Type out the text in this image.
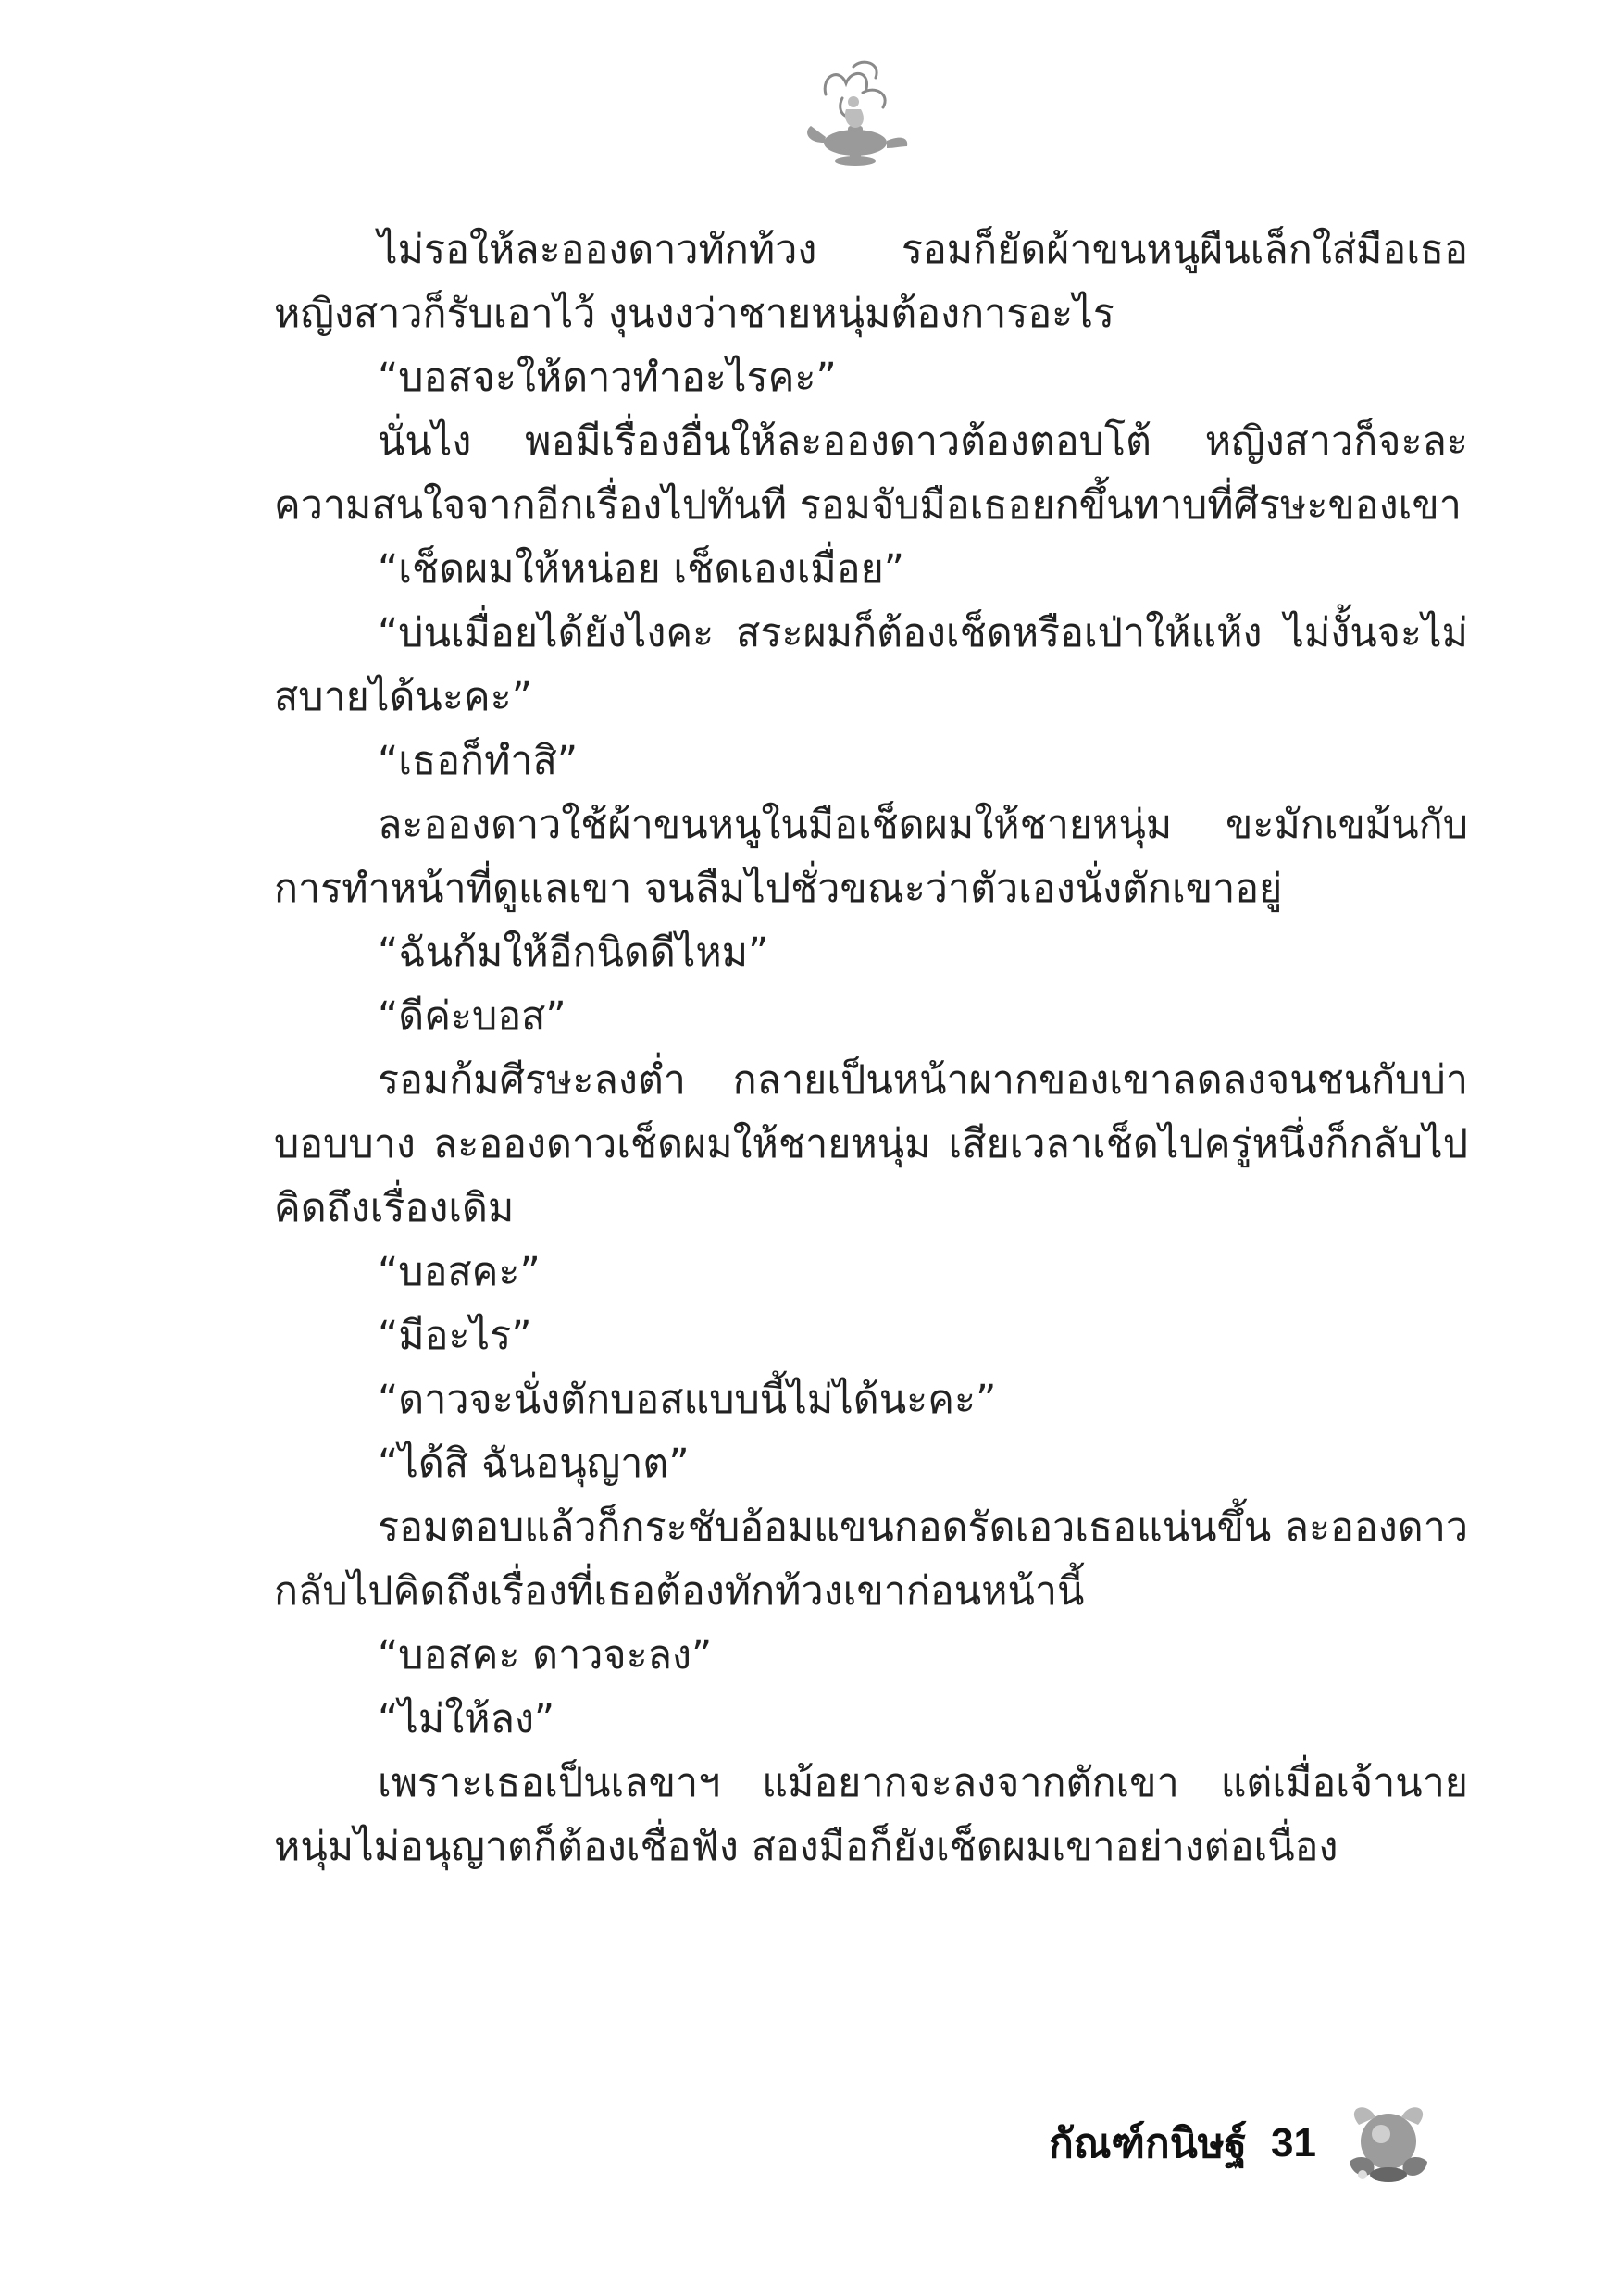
ไม่รอให้ละอองดาวทักท้วง รอมก็ยัดผ้าขนหนูผืนเล็กใส่มือเธอ หญิงสาวก็รับเอาไว้ งุนงงว่าชายหนุ่มต้องการอะไร

“บอสจะให้ดาวทำอะไรคะ”

นั่นไง พอมีเรื่องอื่นให้ละอองดาวต้องตอบโต้ หญิงสาวก็จะละความสนใจจากอีกเรื่องไปทันที รอมจับมือเธอยกขึ้นทาบที่ศีรษะของเขา

“เช็ดผมให้หน่อย เช็ดเองเมื่อย”

“บ่นเมื่อยได้ยังไงคะ สระผมก็ต้องเช็ดหรือเป่าให้แห้ง ไม่งั้นจะไม่สบายได้นะคะ”

“เธอก็ทำสิ”

ละอองดาวใช้ผ้าขนหนูในมือเช็ดผมให้ชายหนุ่ม ขะมักเขม้นกับการทำหน้าที่ดูแลเขา จนลืมไปชั่วขณะว่าตัวเองนั่งตักเขาอยู่

“ฉันก้มให้อีกนิดดีไหม”

“ดีค่ะบอส”

รอมก้มศีรษะลงต่ำ กลายเป็นหน้าผากของเขาลดลงจนชนกับบ่าบอบบาง ละอองดาวเช็ดผมให้ชายหนุ่ม เสียเวลาเช็ดไปครู่หนึ่งก็กลับไปคิดถึงเรื่องเดิม

“บอสคะ”

“มีอะไร”

“ดาวจะนั่งตักบอสแบบนี้ไม่ได้นะคะ”

“ได้สิ ฉันอนุญาต”

รอมตอบแล้วก็กระชับอ้อมแขนกอดรัดเอวเธอแน่นขึ้น ละอองดาวกลับไปคิดถึงเรื่องที่เธอต้องทักท้วงเขาก่อนหน้านี้

“บอสคะ ดาวจะลง”

“ไม่ให้ลง”

เพราะเธอเป็นเลขาฯ แม้อยากจะลงจากตักเขา แต่เมื่อเจ้านายหนุ่มไม่อนุญาตก็ต้องเชื่อฟัง สองมือก็ยังเช็ดผมเขาอย่างต่อเนื่อง

กัณฑ์กนิษฐ์ 31
